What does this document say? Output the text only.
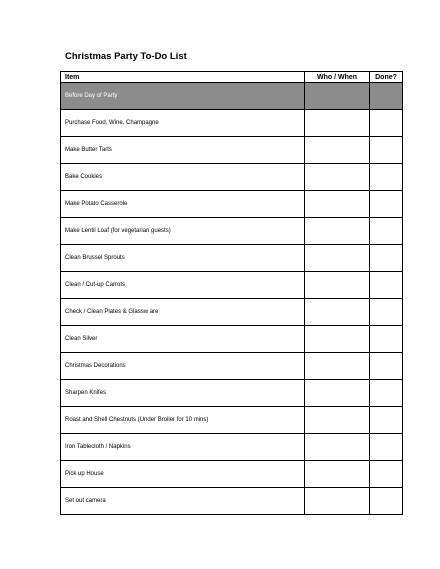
Christmas Party To-Do List
Item	Who / When	Done?
Before Day of Party		
Purchase Food, Wine, Champagne		
Make Butter Tarts		
Bake Cookies		
Make Potato Casserole		
Make Lentil Loaf (for vegetarian guests)		
Clean Brussel Sprouts		
Clean / Cut-up Carrots		
Check / Clean Plates & Glassw are		
Clean Silver		
Christmas Decorations		
Sharpen Knifes		
Roast and Shell Chestnuts (Under Broiler for 10 mins)		
Iron Tablecloth / Napkins		
Pick up House		
Set out camera		
